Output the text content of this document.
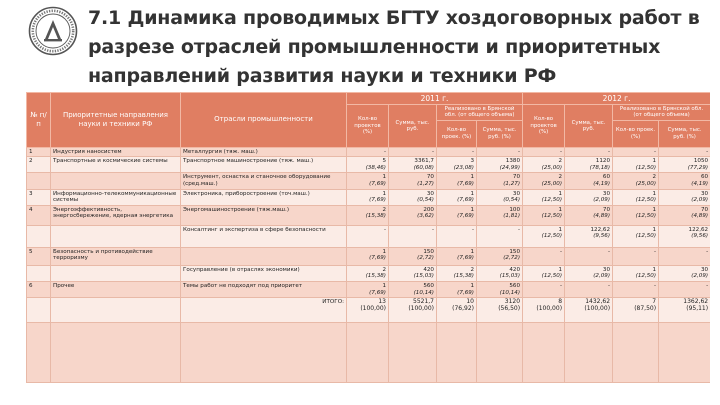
7.1 Динамика проводимых БГТУ хоздоговорных работ в разрезе отраслей промышленности и приоритетных направлений развития науки и техники РФ
№ п/п	Приоритетные направления науки и техники РФ	Отрасли промышленности	2011 г.				2012 г.			
			Кол-во проектов (%)	Сумма, тыс. руб.	Реализовано в Брянской обл. (от общего объема)		Кол-во проектов (%)	Сумма, тыс. руб.	Реализовано в Брянской обл. (от общего объема)	
					Кол-во проек. (%)	Сумма, тыс. руб. (%)			Кол-во проек. (%)	Сумма, тыс. руб. (%)
1	Индустрия наносистем	Металлургия (тяж. маш.)	-	-	-	-	-	-	-	-

2	Транспортные и космические системы	Транспортное машиностроение (тяж. маш.)	5
(38,46)	3361,7
(60,08)	3
(23,08)	1380
(24,99)	2
(25,00)	1120
(78,18)	1
(12,50)	1050
(77,29)

		Инструмент, оснастка и станочное оборудование (сред.маш.)	1
(7,69)	70
(1,27)	1
(7,69)	70
(1,27)	2
(25,00)	60
(4,19)	2
(25,00)	60
(4,19)

3	Информационно-телекоммуникационные системы	Электроника, приборостроение (точ.маш.)	1
(7,69)	30
(0,54)	1
(7,69)	30
(0,54)	1
(12,50)	30
(2,09)	1
(12,50)	30
(2,09)

4	Энергоэффективность, энергосбережение, ядерная энергетика	Энергомашиностроение (тяж.маш.)	2
(15,38)	200
(3,62)	1
(7,69)	100
(1,81)	1
(12,50)	70
(4,89)	1
(12,50)	70
(4,89)

		Консалтинг и экспертиза в сфере безопасности	-	-	-	-	1
(12,50)	122,62
(9,56)	1
(12,50)	122,62
(9,56)

5	Безопасность и противодействие терроризму		1
(7,69)	150
(2,72)	1
(7,69)	150
(2,72)	-	-	-	-

		Госуправление (в отраслях экономики)	2
(15,38)	420
(15,03)	2
(15,38)	420
(15,03)	1
(12,50)	30
(2,09)	1
(12,50)	30
(2,09)

6	Прочее	Темы работ не подходят под приоритет	1
(7,69)	560
(10,14)	1
(7,69)	560
(10,14)	-	-	-	-

		ИТОГО:	13
(100,00)	5521,7
(100,00)	10
(76,92)	3120
(56,50)	8
(100,00)	1432,62
(100,00)	7
(87,50)	1362,62
(95,11)
